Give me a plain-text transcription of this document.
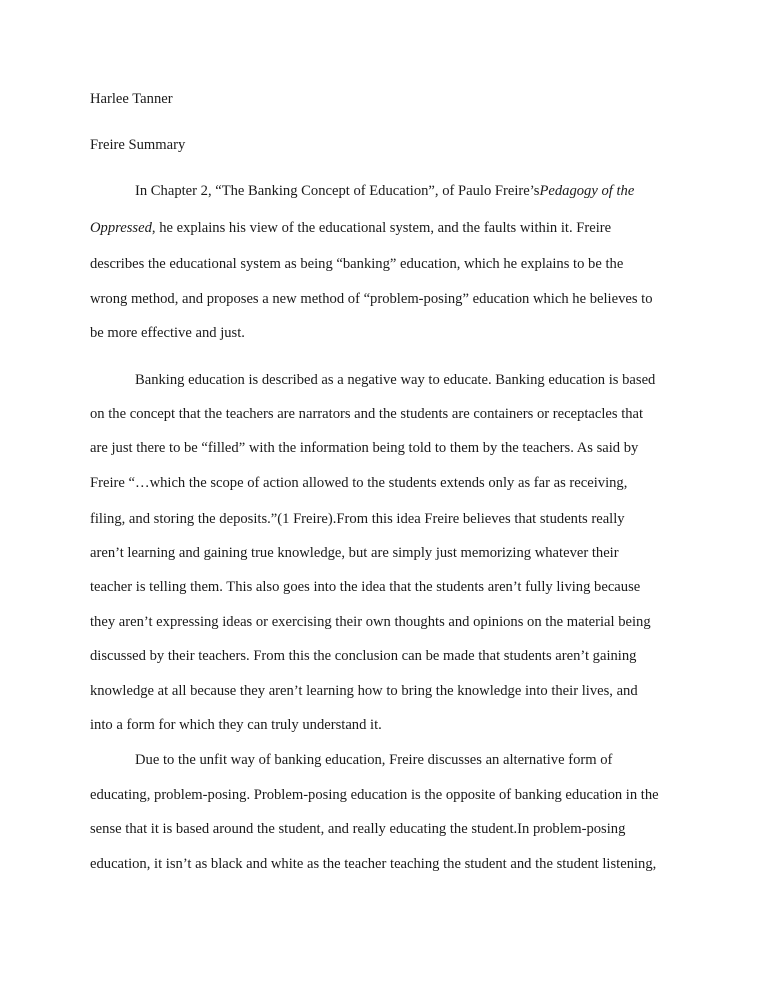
Harlee Tanner
Freire Summary
In Chapter 2, “The Banking Concept of Education”, of Paulo Freire’sPedagogy of the
Oppressed, he explains his view of the educational system, and the faults within it. Freire
describes the educational system as being “banking” education, which he explains to be the
wrong method, and proposes a new method of “problem-posing” education which he believes to
be more effective and just.
Banking education is described as a negative way to educate. Banking education is based
on the concept that the teachers are narrators and the students are containers or receptacles that
are just there to be “filled” with the information being told to them by the teachers. As said by
Freire “…which the scope of action allowed to the students extends only as far as receiving,
filing, and storing the deposits.”(1 Freire).From this idea Freire believes that students really
aren’t learning and gaining true knowledge, but are simply just memorizing whatever their
teacher is telling them. This also goes into the idea that the students aren’t fully living because
they aren’t expressing ideas or exercising their own thoughts and opinions on the material being
discussed by their teachers. From this the conclusion can be made that students aren’t gaining
knowledge at all because they aren’t learning how to bring the knowledge into their lives, and
into a form for which they can truly understand it.
Due to the unfit way of banking education, Freire discusses an alternative form of
educating, problem-posing. Problem-posing education is the opposite of banking education in the
sense that it is based around the student, and really educating the student.In problem-posing
education, it isn’t as black and white as the teacher teaching the student and the student listening,
